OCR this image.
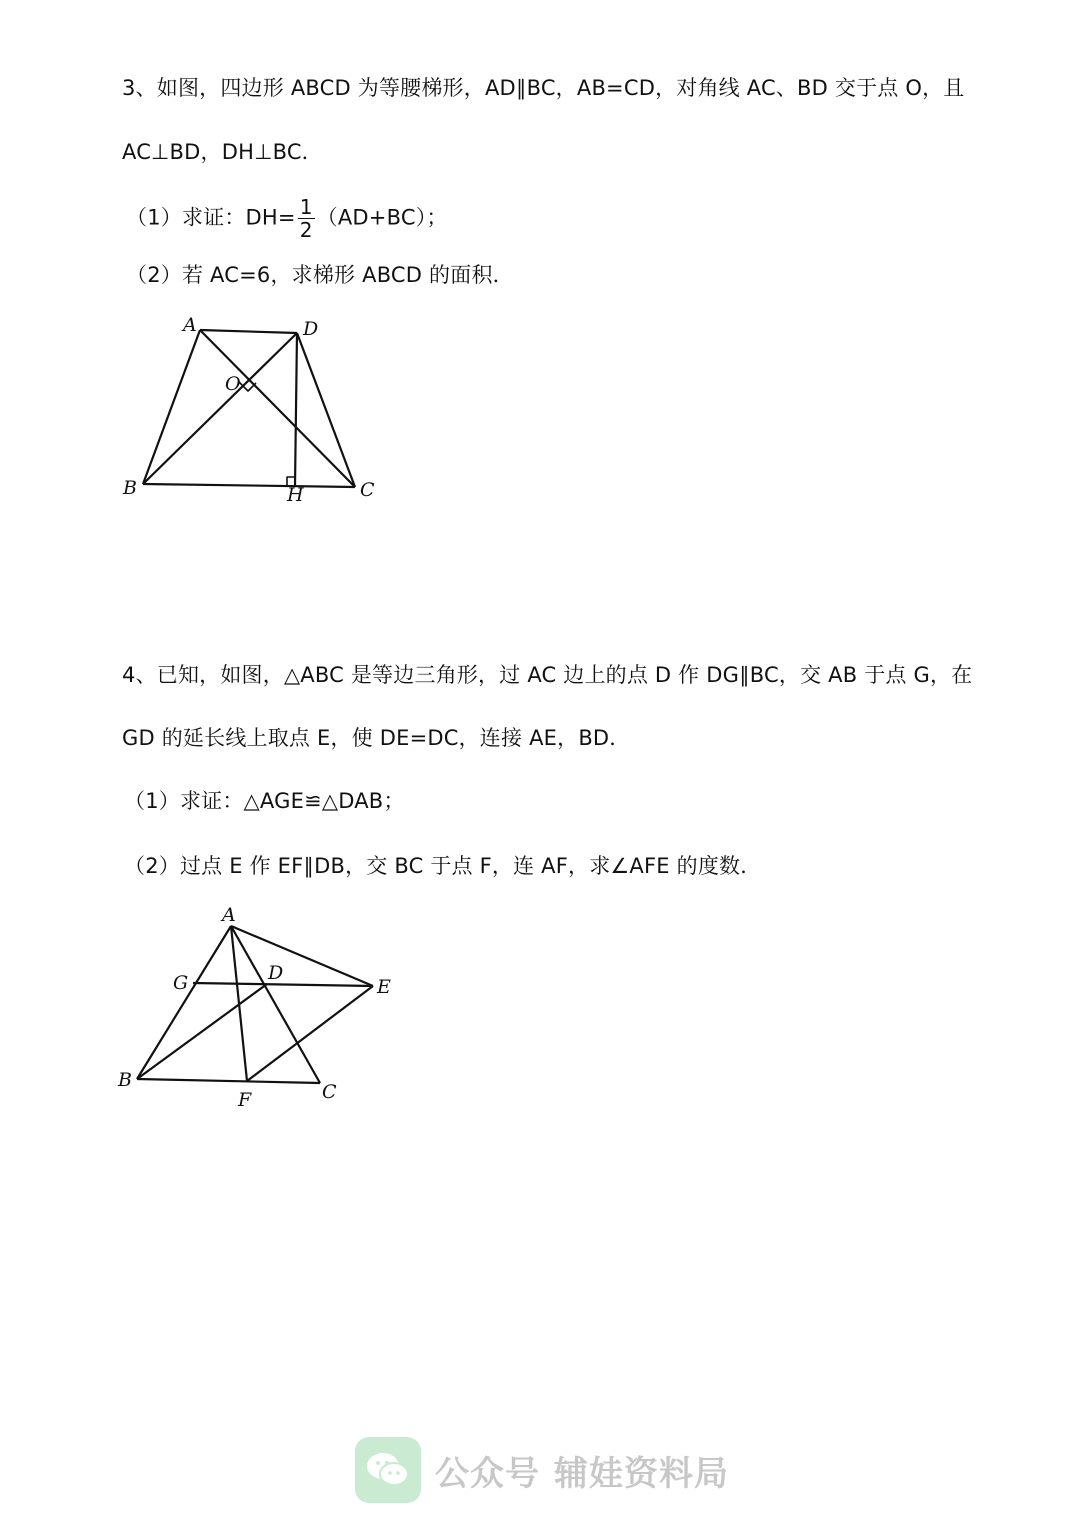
3、如图，四边形 ABCD 为等腰梯形，AD∥BC，AB=CD，对角线 AC、BD 交于点 O，且
AC⊥BD，DH⊥BC．
（1）求证：$DH= \frac{1}{2} (AD+BC)$；
（2）若 AC=6，求梯形 ABCD 的面积．
A	D
O
B	H	C
4、已知，如图，△ABC 是等边三角形，过 AC 边上的点 D 作 DG∥BC，交 AB 于点 G，在
GD 的延长线上取点 E，使 DE=DC，连接 AE，BD．
（1）求证：△AGE≌△DAB；
（2）过点 E 作 EF∥DB，交 BC 于点 F，连 AF，求∠AFE 的度数．
A
G	D
E
B
F	C
公众号 辅娃资料局
